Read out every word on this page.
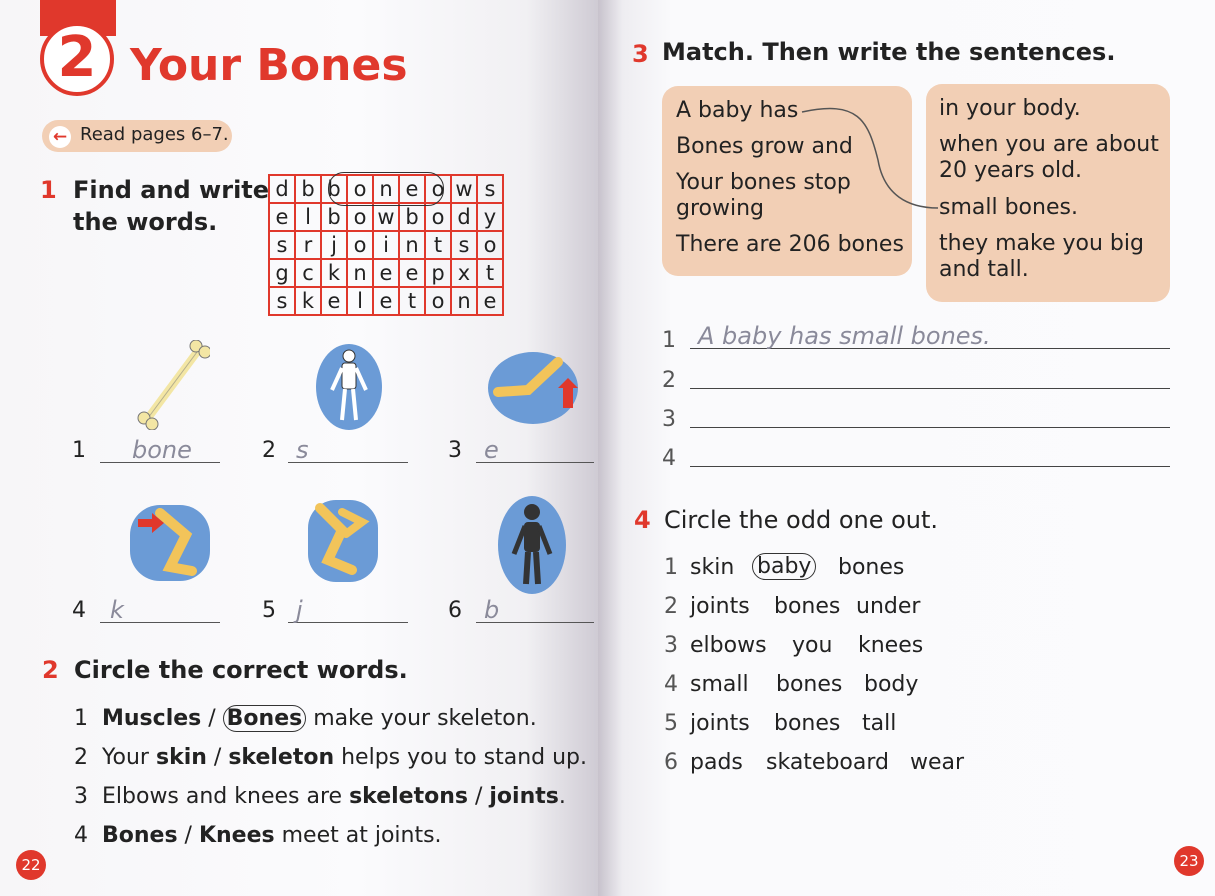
2 Your Bones
← Read pages 6–7.
1 Find and write
the words.
d	b	b	o	n	e	o	w	s
e	l	b	o	w	b	o	d	y
s	r	j	o	i	n	t	s	o
g	c	k	n	e	e	p	x	t
s	k	e	l	e	t	o	n	e
1	bone	2 s	3 e
4	k	5 j	6 b
2 Circle the correct words.
1 Muscles / Bones make your skeleton.
2 Your skin / skeleton helps you to stand up.
3 Elbows and knees are skeletons / joints.
4 Bones / Knees meet at joints.
22
3 Match. Then write the sentences.
A baby has
Bones grow and
Your bones stop growing
There are 206 bones
in your body.
when you are about 20 years old.
small bones.
they make you big and tall.
1 A baby has small bones.
2
3
4
4 Circle the odd one out.
1 skin baby bones
2 joints bones under
3 elbows you knees
4 small bones body
5 joints bones tall
6 pads skateboard wear
23
